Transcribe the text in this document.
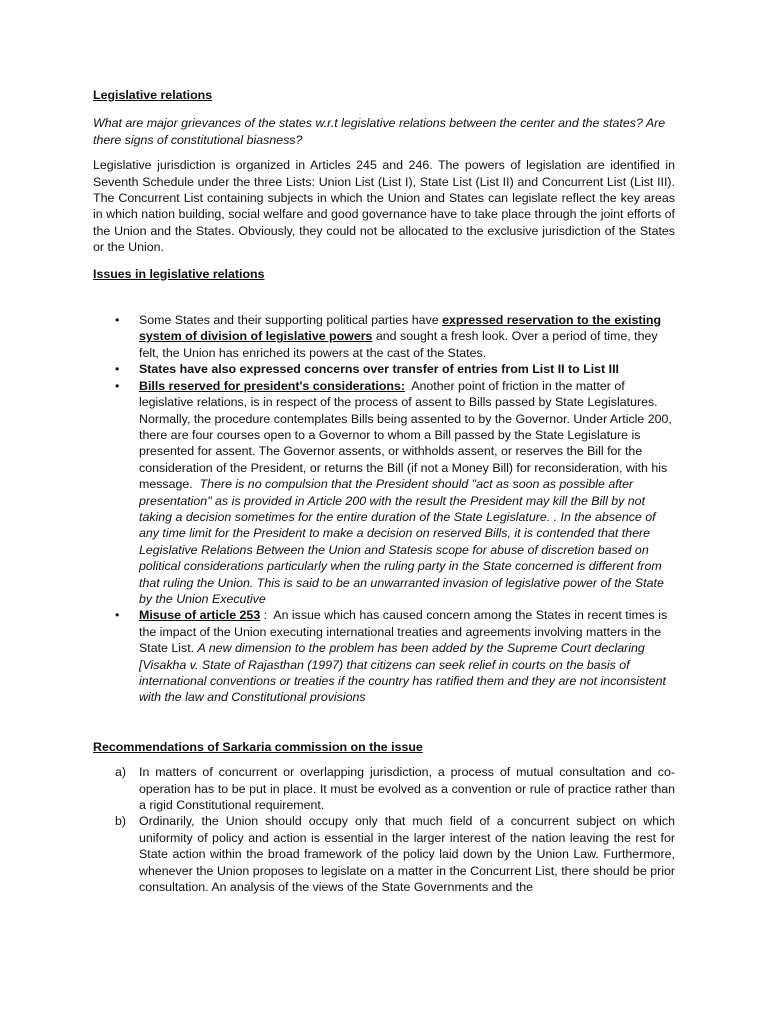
Legislative relations

What are major grievances of the states w.r.t legislative relations between the center and the states? Are there signs of constitutional biasness?

Legislative jurisdiction is organized in Articles 245 and 246. The powers of legislation are identified in Seventh Schedule under the three Lists: Union List (List I), State List (List II) and Concurrent List (List III). The Concurrent List containing subjects in which the Union and States can legislate reflect the key areas in which nation building, social welfare and good governance have to take place through the joint efforts of the Union and the States. Obviously, they could not be allocated to the exclusive jurisdiction of the States or the Union.

Issues in legislative relations

• Some States and their supporting political parties have expressed reservation to the existing system of division of legislative powers and sought a fresh look. Over a period of time, they felt, the Union has enriched its powers at the cast of the States.
• States have also expressed concerns over transfer of entries from List II to List III
• Bills reserved for president's considerations:  Another point of friction in the matter of legislative relations, is in respect of the process of assent to Bills passed by State Legislatures. Normally, the procedure contemplates Bills being assented to by the Governor. Under Article 200, there are four courses open to a Governor to whom a Bill passed by the State Legislature is presented for assent. The Governor assents, or withholds assent, or reserves the Bill for the consideration of the President, or returns the Bill (if not a Money Bill) for reconsideration, with his message.  There is no compulsion that the President should "act as soon as possible after presentation" as is provided in Article 200 with the result the President may kill the Bill by not taking a decision sometimes for the entire duration of the State Legislature. . In the absence of any time limit for the President to make a decision on reserved Bills, it is contended that there Legislative Relations Between the Union and Statesis scope for abuse of discretion based on political considerations particularly when the ruling party in the State concerned is different from that ruling the Union. This is said to be an unwarranted invasion of legislative power of the State by the Union Executive
• Misuse of article 253 :  An issue which has caused concern among the States in recent times is the impact of the Union executing international treaties and agreements involving matters in the State List. A new dimension to the problem has been added by the Supreme Court declaring [Visakha v. State of Rajasthan (1997) that citizens can seek relief in courts on the basis of international conventions or treaties if the country has ratified them and they are not inconsistent with the law and Constitutional provisions

Recommendations of Sarkaria commission on the issue

a) In matters of concurrent or overlapping jurisdiction, a process of mutual consultation and co-operation has to be put in place. It must be evolved as a convention or rule of practice rather than a rigid Constitutional requirement.
b) Ordinarily, the Union should occupy only that much field of a concurrent subject on which uniformity of policy and action is essential in the larger interest of the nation leaving the rest for State action within the broad framework of the policy laid down by the Union Law. Furthermore, whenever the Union proposes to legislate on a matter in the Concurrent List, there should be prior consultation. An analysis of the views of the State Governments and the
